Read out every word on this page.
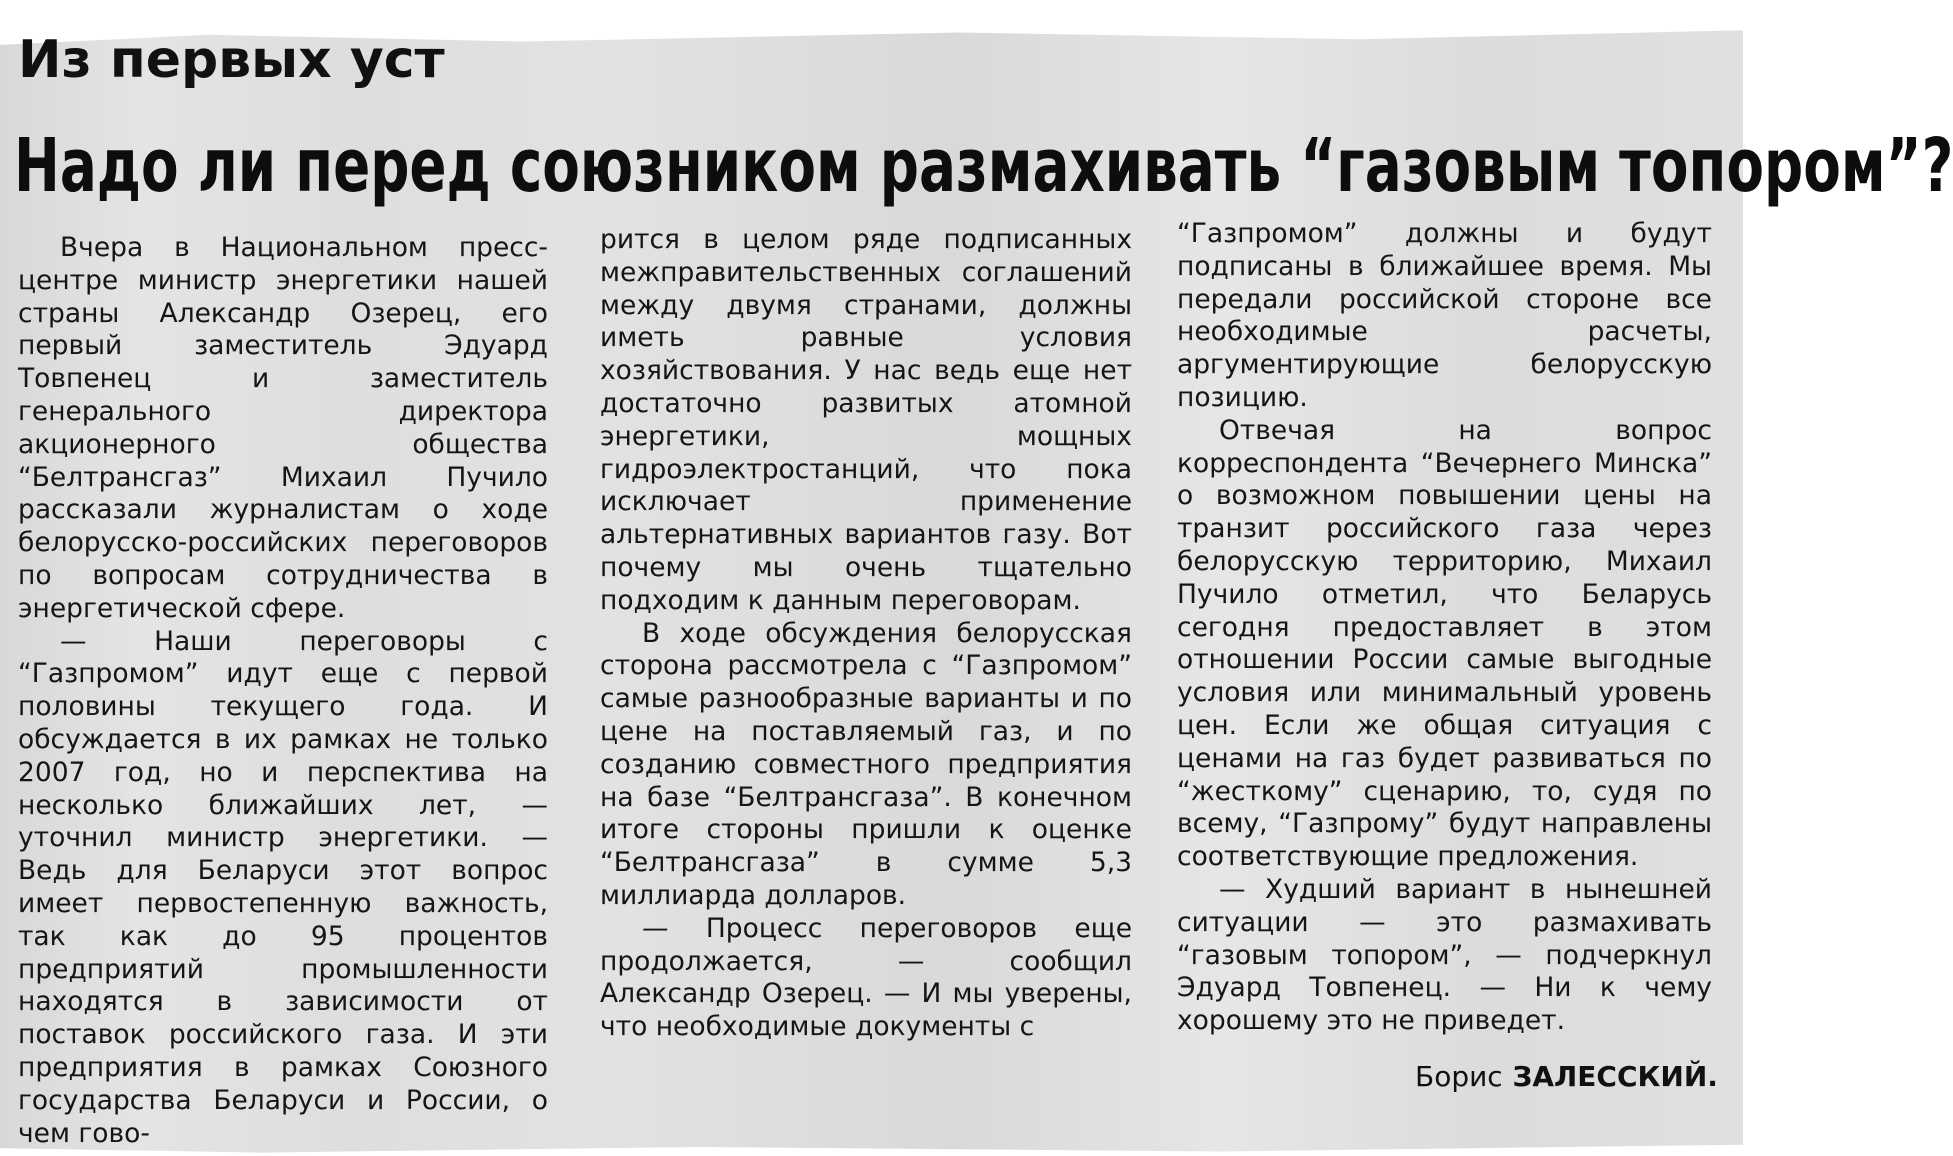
Из первых уст
Надо ли перед союзником размахивать “газовым топором”?

Вчера в Национальном пресс-центре министр энергетики нашей страны Александр Озерец, его первый заместитель Эдуард Товпенец и заместитель генерального директора акционерного общества “Белтрансгаз” Михаил Пучило рассказали журналистам о ходе белорусско-российских переговоров по вопросам сотрудничества в энергетической сфере.

— Наши переговоры с “Газпромом” идут еще с первой половины текущего года. И обсуждается в их рамках не только 2007 год, но и перспектива на несколько ближайших лет, — уточнил министр энергетики. — Ведь для Беларуси этот вопрос имеет первостепенную важность, так как до 95 процентов предприятий промышленности находятся в зависимости от поставок российского газа. И эти предприятия в рамках Союзного государства Беларуси и России, о чем гово-

рится в целом ряде подписанных межправительственных соглашений между двумя странами, должны иметь равные условия хозяйствования. У нас ведь еще нет достаточно развитых атомной энергетики, мощных гидроэлектростанций, что пока исключает применение альтернативных вариантов газу. Вот почему мы очень тщательно подходим к данным переговорам.

В ходе обсуждения белорусская сторона рассмотрела с “Газпромом” самые разнообразные варианты и по цене на поставляемый газ, и по созданию совместного предприятия на базе “Белтрансгаза”. В конечном итоге стороны пришли к оценке “Белтрансгаза” в сумме 5,3 миллиарда долларов.

— Процесс переговоров еще продолжается, — сообщил Александр Озерец. — И мы уверены, что необходимые документы с

“Газпромом” должны и будут подписаны в ближайшее время. Мы передали российской стороне все необходимые расчеты, аргументирующие белорусскую позицию.

Отвечая на вопрос корреспондента “Вечернего Минска” о возможном повышении цены на транзит российского газа через белорусскую территорию, Михаил Пучило отметил, что Беларусь сегодня предоставляет в этом отношении России самые выгодные условия или минимальный уровень цен. Если же общая ситуация с ценами на газ будет развиваться по “жесткому” сценарию, то, судя по всему, “Газпрому” будут направлены соответствующие предложения.

— Худший вариант в нынешней ситуации — это размахивать “газовым топором”, — подчеркнул Эдуард Товпенец. — Ни к чему хорошему это не приведет.

Борис ЗАЛЕССКИЙ.
